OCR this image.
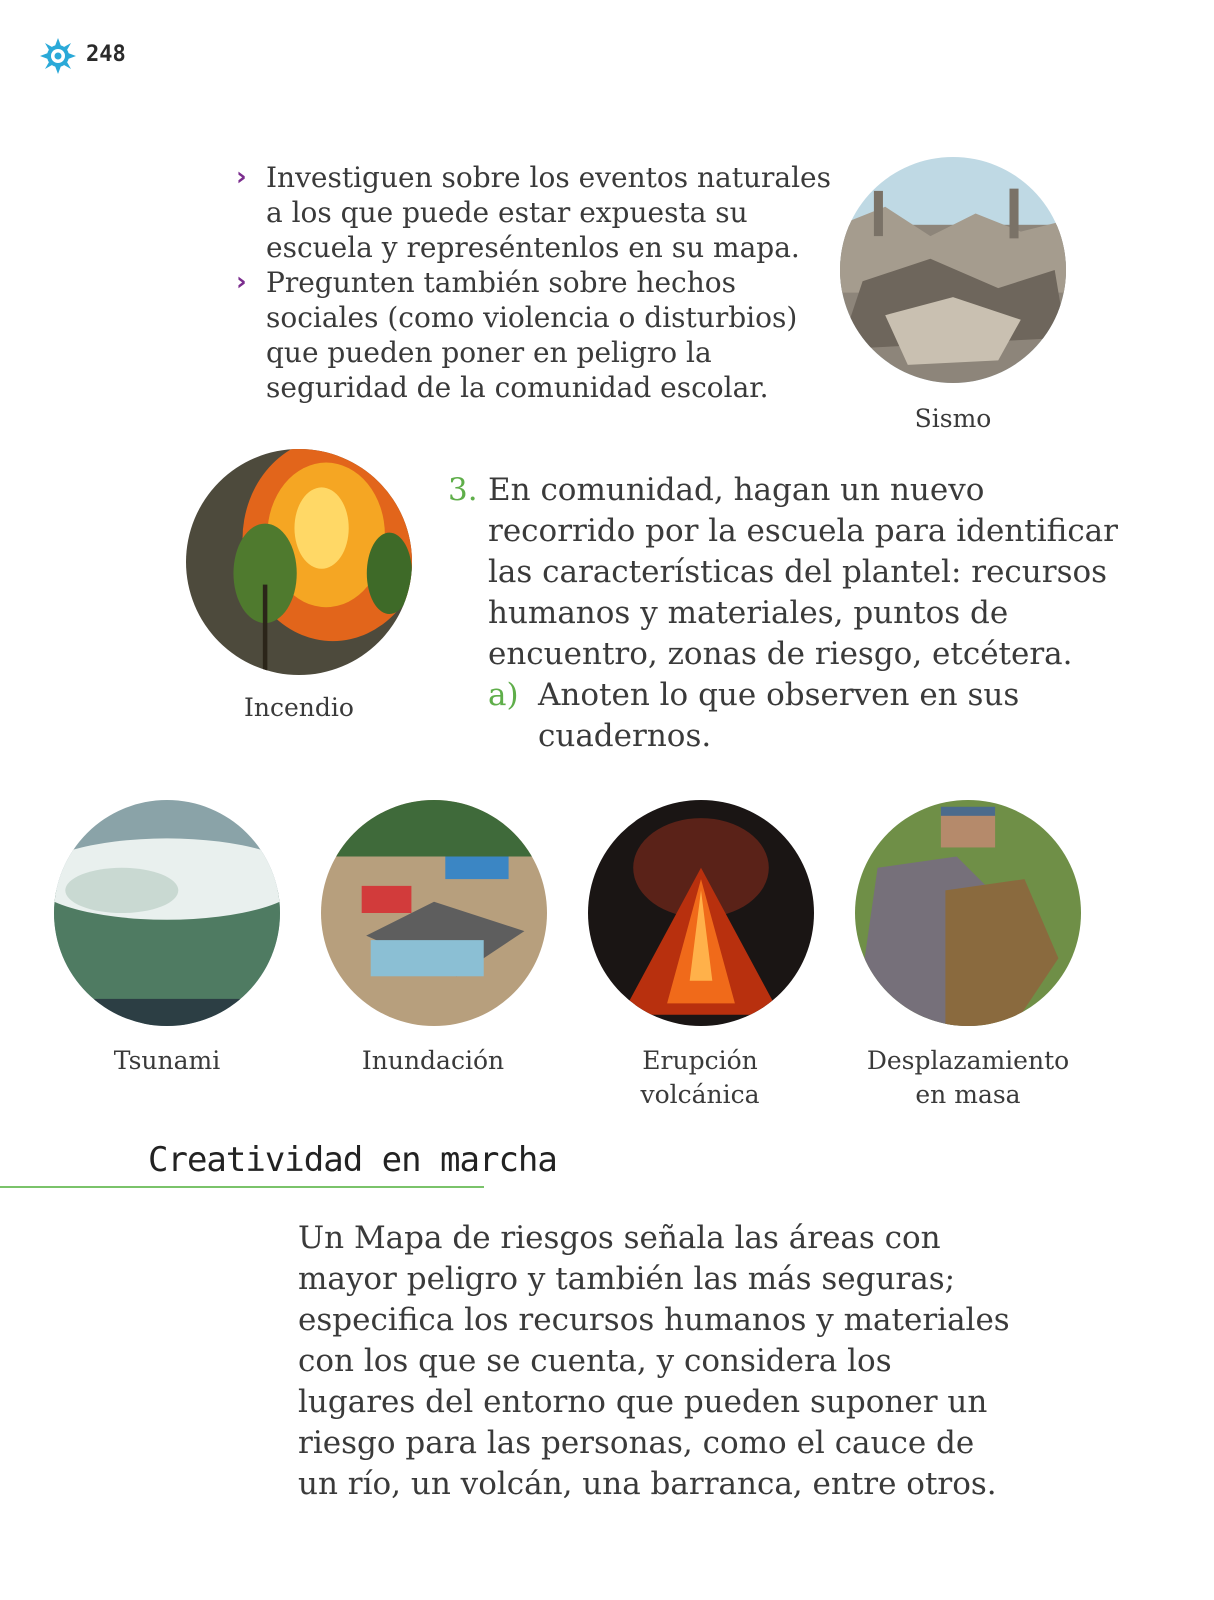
248
› Investiguen sobre los eventos naturales a los que puede estar expuesta su escuela y represéntenlos en su mapa.
› Pregunten también sobre hechos sociales (como violencia o disturbios) que pueden poner en peligro la seguridad de la comunidad escolar.
Sismo
Incendio
3. En comunidad, hagan un nuevo recorrido por la escuela para identificar las características del plantel: recursos humanos y materiales, puntos de encuentro, zonas de riesgo, etcétera.
a) Anoten lo que observen en sus cuadernos.
Tsunami	Inundación	Erupción
volcánica
Desplazamiento
en masa
Creatividad en marcha
Un Mapa de riesgos señala las áreas con mayor peligro y también las más seguras; especifica los recursos humanos y materiales con los que se cuenta, y considera los lugares del entorno que pueden suponer un riesgo para las personas, como el cauce de un río, un volcán, una barranca, entre otros.
